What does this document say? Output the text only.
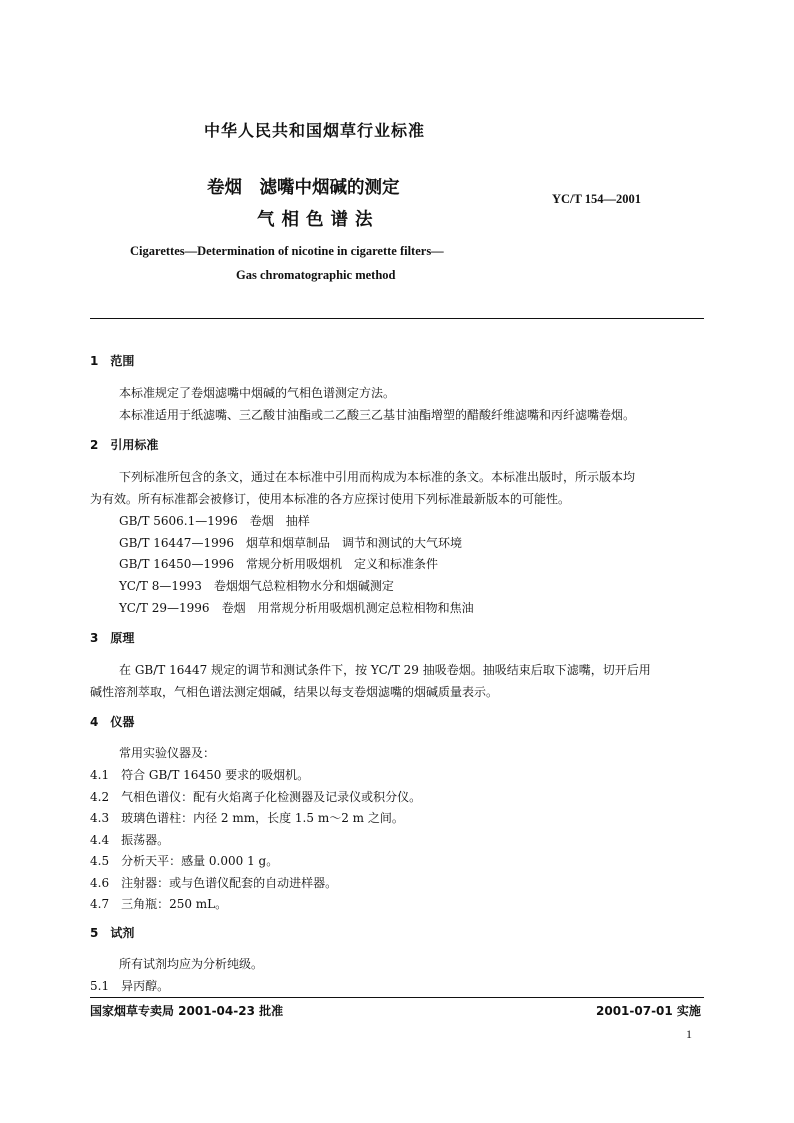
中华人民共和国烟草行业标准
卷烟　滤嘴中烟碱的测定
气相色谱法
YC/T 154—2001
Cigarettes—Determination of nicotine in cigarette filters—
Gas chromatographic method
1　范围
本标准规定了卷烟滤嘴中烟碱的气相色谱测定方法。
本标准适用于纸滤嘴、三乙酸甘油酯或二乙酸三乙基甘油酯增塑的醋酸纤维滤嘴和丙纤滤嘴卷烟。
2　引用标准
下列标准所包含的条文，通过在本标准中引用而构成为本标准的条文。本标准出版时，所示版本均
为有效。所有标准都会被修订，使用本标准的各方应探讨使用下列标准最新版本的可能性。
GB/T 5606.1—1996　卷烟　抽样
GB/T 16447—1996　烟草和烟草制品　调节和测试的大气环境
GB/T 16450—1996　常规分析用吸烟机　定义和标准条件
YC/T 8—1993　卷烟烟气总粒相物水分和烟碱测定
YC/T 29—1996　卷烟　用常规分析用吸烟机测定总粒相物和焦油
3　原理
在 GB/T 16447 规定的调节和测试条件下，按 YC/T 29 抽吸卷烟。抽吸结束后取下滤嘴，切开后用
碱性溶剂萃取，气相色谱法测定烟碱，结果以每支卷烟滤嘴的烟碱质量表示。
4　仪器
常用实验仪器及：
4.1　符合 GB/T 16450 要求的吸烟机。
4.2　气相色谱仪：配有火焰离子化检测器及记录仪或积分仪。
4.3　玻璃色谱柱：内径 2 mm，长度 1.5 m～2 m 之间。
4.4　振荡器。
4.5　分析天平：感量 0.000 1 g。
4.6　注射器：或与色谱仪配套的自动进样器。
4.7　三角瓶：250 mL。
5　试剂
所有试剂均应为分析纯级。
5.1　异丙醇。
国家烟草专卖局 2001-04-23 批准	2001-07-01 实施
1
